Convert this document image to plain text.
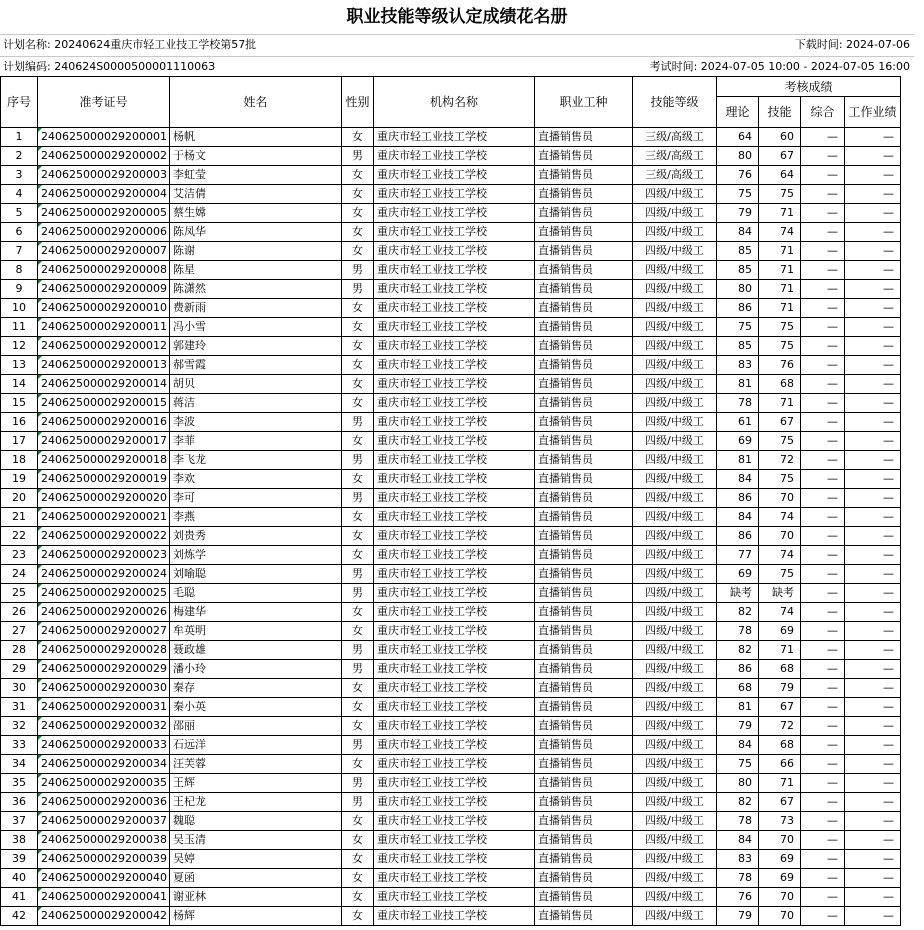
职业技能等级认定成绩花名册
计划名称: 20240624重庆市轻工业技工学校第57批	下载时间: 2024-07-06
计划编码: 240624S000050000111006З	考试时间: 2024-07-05 10:00 - 2024-07-05 16:00
序号	准考证号	姓名	性别	机构名称	职业工种	技能等级	考核成绩			
							理论	技能	综合	工作业绩
1	240625000029200001	杨帆	女	重庆市轻工业技工学校	直播销售员	三级/高级工	64	60	—	—
2	240625000029200002	于杨文	男	重庆市轻工业技工学校	直播销售员	三级/高级工	80	67	—	—
3	240625000029200003	李虹莹	女	重庆市轻工业技工学校	直播销售员	三级/高级工	76	64	—	—
4	240625000029200004	艾洁倩	女	重庆市轻工业技工学校	直播销售员	四级/中级工	75	75	—	—
5	240625000029200005	蔡生嫦	女	重庆市轻工业技工学校	直播销售员	四级/中级工	79	71	—	—
6	240625000029200006	陈凤华	女	重庆市轻工业技工学校	直播销售员	四级/中级工	84	74	—	—
7	240625000029200007	陈谢	女	重庆市轻工业技工学校	直播销售员	四级/中级工	85	71	—	—
8	240625000029200008	陈星	男	重庆市轻工业技工学校	直播销售员	四级/中级工	85	71	—	—
9	240625000029200009	陈潇然	男	重庆市轻工业技工学校	直播销售员	四级/中级工	80	71	—	—
10	240625000029200010	费新雨	女	重庆市轻工业技工学校	直播销售员	四级/中级工	86	71	—	—
11	240625000029200011	冯小雪	女	重庆市轻工业技工学校	直播销售员	四级/中级工	75	75	—	—
12	240625000029200012	郭建玲	女	重庆市轻工业技工学校	直播销售员	四级/中级工	85	75	—	—
13	240625000029200013	郝雪霞	女	重庆市轻工业技工学校	直播销售员	四级/中级工	83	76	—	—
14	240625000029200014	胡贝	女	重庆市轻工业技工学校	直播销售员	四级/中级工	81	68	—	—
15	240625000029200015	蒋洁	女	重庆市轻工业技工学校	直播销售员	四级/中级工	78	71	—	—
16	240625000029200016	李波	男	重庆市轻工业技工学校	直播销售员	四级/中级工	61	67	—	—
17	240625000029200017	李菲	女	重庆市轻工业技工学校	直播销售员	四级/中级工	69	75	—	—
18	240625000029200018	李飞龙	男	重庆市轻工业技工学校	直播销售员	四级/中级工	81	72	—	—
19	240625000029200019	李欢	女	重庆市轻工业技工学校	直播销售员	四级/中级工	84	75	—	—
20	240625000029200020	李可	男	重庆市轻工业技工学校	直播销售员	四级/中级工	86	70	—	—
21	240625000029200021	李燕	女	重庆市轻工业技工学校	直播销售员	四级/中级工	84	74	—	—
22	240625000029200022	刘贵秀	女	重庆市轻工业技工学校	直播销售员	四级/中级工	86	70	—	—
23	240625000029200023	刘炼学	女	重庆市轻工业技工学校	直播销售员	四级/中级工	77	74	—	—
24	240625000029200024	刘喻聪	男	重庆市轻工业技工学校	直播销售员	四级/中级工	69	75	—	—
25	240625000029200025	毛聪	男	重庆市轻工业技工学校	直播销售员	四级/中级工	缺考	缺考	—	—
26	240625000029200026	梅建华	女	重庆市轻工业技工学校	直播销售员	四级/中级工	82	74	—	—
27	240625000029200027	牟英明	女	重庆市轻工业技工学校	直播销售员	四级/中级工	78	69	—	—
28	240625000029200028	聂政雄	男	重庆市轻工业技工学校	直播销售员	四级/中级工	82	71	—	—
29	240625000029200029	潘小玲	男	重庆市轻工业技工学校	直播销售员	四级/中级工	86	68	—	—
30	240625000029200030	秦存	女	重庆市轻工业技工学校	直播销售员	四级/中级工	68	79	—	—
31	240625000029200031	秦小英	女	重庆市轻工业技工学校	直播销售员	四级/中级工	81	67	—	—
32	240625000029200032	邵丽	女	重庆市轻工业技工学校	直播销售员	四级/中级工	79	72	—	—
33	240625000029200033	石远洋	男	重庆市轻工业技工学校	直播销售员	四级/中级工	84	68	—	—
34	240625000029200034	汪芙蓉	女	重庆市轻工业技工学校	直播销售员	四级/中级工	75	66	—	—
35	240625000029200035	王辉	男	重庆市轻工业技工学校	直播销售员	四级/中级工	80	71	—	—
36	240625000029200036	王杞龙	男	重庆市轻工业技工学校	直播销售员	四级/中级工	82	67	—	—
37	240625000029200037	魏聪	女	重庆市轻工业技工学校	直播销售员	四级/中级工	78	73	—	—
38	240625000029200038	吴玉清	女	重庆市轻工业技工学校	直播销售员	四级/中级工	84	70	—	—
39	240625000029200039	吴婷	女	重庆市轻工业技工学校	直播销售员	四级/中级工	83	69	—	—
40	240625000029200040	夏函	女	重庆市轻工业技工学校	直播销售员	四级/中级工	78	69	—	—
41	240625000029200041	谢亚林	女	重庆市轻工业技工学校	直播销售员	四级/中级工	76	70	—	—
42	240625000029200042	杨辉	女	重庆市轻工业技工学校	直播销售员	四级/中级工	79	70	—	—
